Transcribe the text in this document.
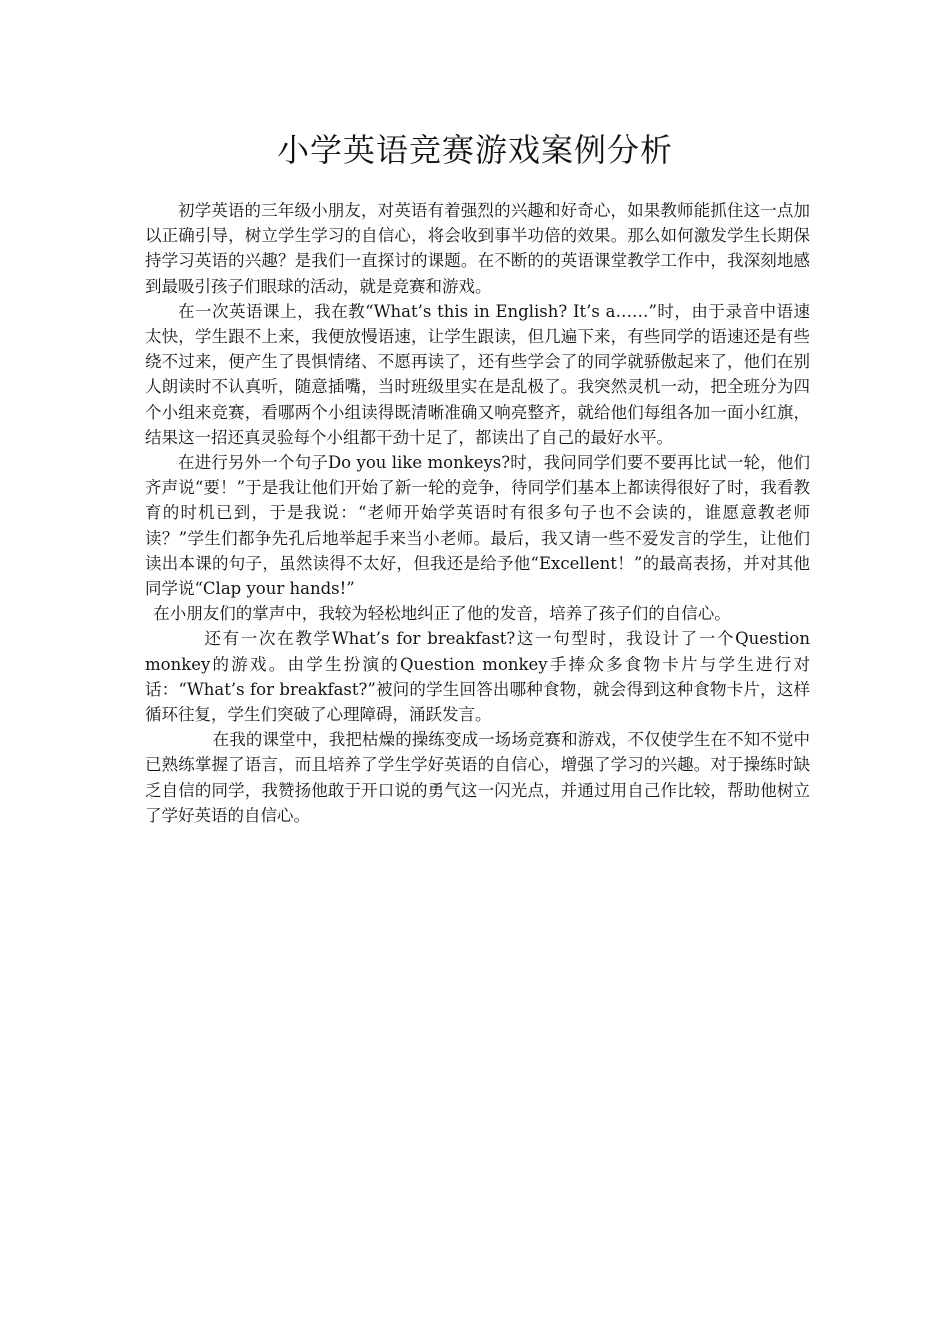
小学英语竞赛游戏案例分析

初学英语的三年级小朋友，对英语有着强烈的兴趣和好奇心，如果教师能抓住这一点加以正确引导，树立学生学习的自信心，将会收到事半功倍的效果。那么如何激发学生长期保持学习英语的兴趣？是我们一直探讨的课题。在不断的的英语课堂教学工作中，我深刻地感到最吸引孩子们眼球的活动，就是竞赛和游戏。

在一次英语课上，我在教“What’s this in English? It’s a……”时，由于录音中语速太快，学生跟不上来，我便放慢语速，让学生跟读，但几遍下来，有些同学的语速还是有些绕不过来，便产生了畏惧情绪、不愿再读了，还有些学会了的同学就骄傲起来了，他们在别人朗读时不认真听，随意插嘴，当时班级里实在是乱极了。我突然灵机一动，把全班分为四个小组来竞赛，看哪两个小组读得既清晰准确又响亮整齐，就给他们每组各加一面小红旗，结果这一招还真灵验每个小组都干劲十足了，都读出了自己的最好水平。

在进行另外一个句子Do you like monkeys?时，我问同学们要不要再比试一轮，他们齐声说“要！”于是我让他们开始了新一轮的竞争，待同学们基本上都读得很好了时，我看教育的时机已到，于是我说：“老师开始学英语时有很多句子也不会读的，谁愿意教老师读？”学生们都争先孔后地举起手来当小老师。最后，我又请一些不爱发言的学生，让他们读出本课的句子，虽然读得不太好，但我还是给予他“Excellent！”的最高表扬，并对其他同学说“Clap your hands!”

在小朋友们的掌声中，我较为轻松地纠正了他的发音，培养了孩子们的自信心。

还有一次在教学What’s for breakfast?这一句型时，我设计了一个Question monkey的游戏。由学生扮演的Question monkey手捧众多食物卡片与学生进行对话：“What’s for breakfast?”被问的学生回答出哪种食物，就会得到这种食物卡片，这样循环往复，学生们突破了心理障碍，涌跃发言。

在我的课堂中，我把枯燥的操练变成一场场竞赛和游戏，不仅使学生在不知不觉中已熟练掌握了语言，而且培养了学生学好英语的自信心，增强了学习的兴趣。对于操练时缺乏自信的同学，我赞扬他敢于开口说的勇气这一闪光点，并通过用自己作比较，帮助他树立了学好英语的自信心。
